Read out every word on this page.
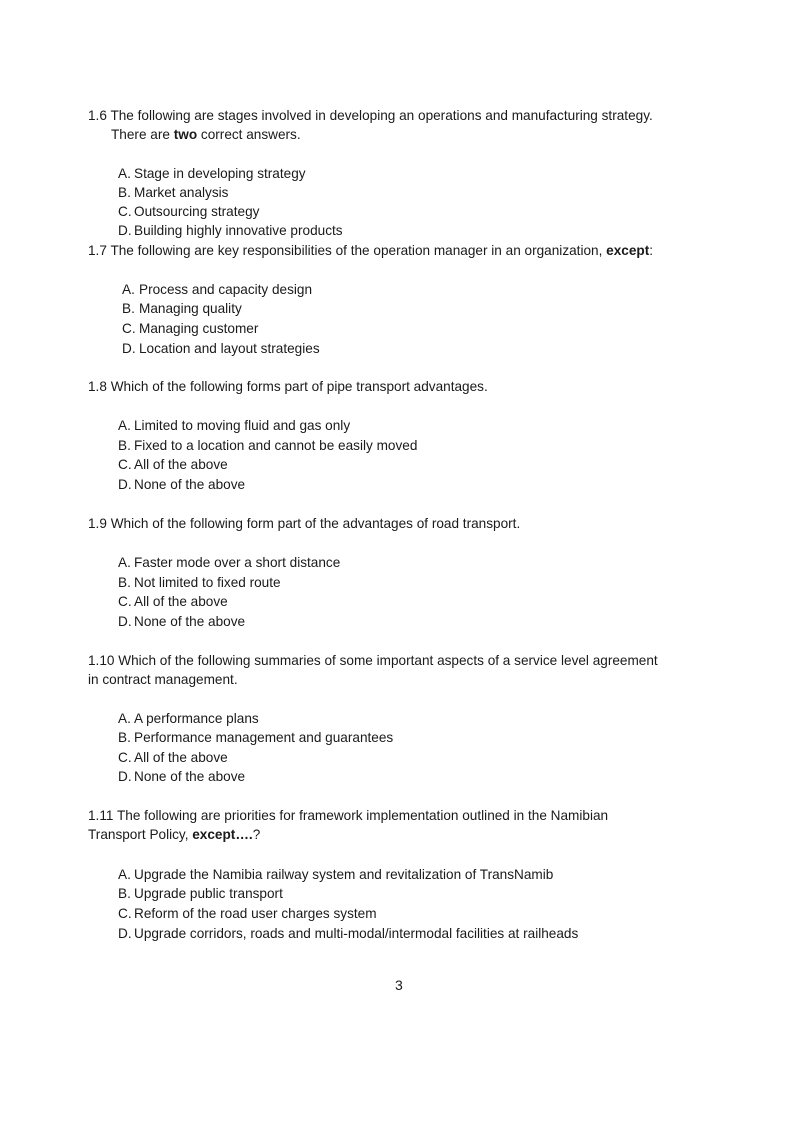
1.6 The following are stages involved in developing an operations and manufacturing strategy.
There are two correct answers.
A. Stage in developing strategy
B. Market analysis
C. Outsourcing strategy
D. Building highly innovative products
1.7 The following are key responsibilities of the operation manager in an organization, except:
A. Process and capacity design
B. Managing quality
C. Managing customer
D. Location and layout strategies
1.8 Which of the following forms part of pipe transport advantages.
A. Limited to moving fluid and gas only
B. Fixed to a location and cannot be easily moved
C. All of the above
D. None of the above
1.9 Which of the following form part of the advantages of road transport.
A. Faster mode over a short distance
B. Not limited to fixed route
C. All of the above
D. None of the above
1.10 Which of the following summaries of some important aspects of a service level agreement
in contract management.
A. A performance plans
B. Performance management and guarantees
C. All of the above
D. None of the above
1.11 The following are priorities for framework implementation outlined in the Namibian
Transport Policy, except….?
A. Upgrade the Namibia railway system and revitalization of TransNamib
B. Upgrade public transport
C. Reform of the road user charges system
D. Upgrade corridors, roads and multi-modal/intermodal facilities at railheads
3
